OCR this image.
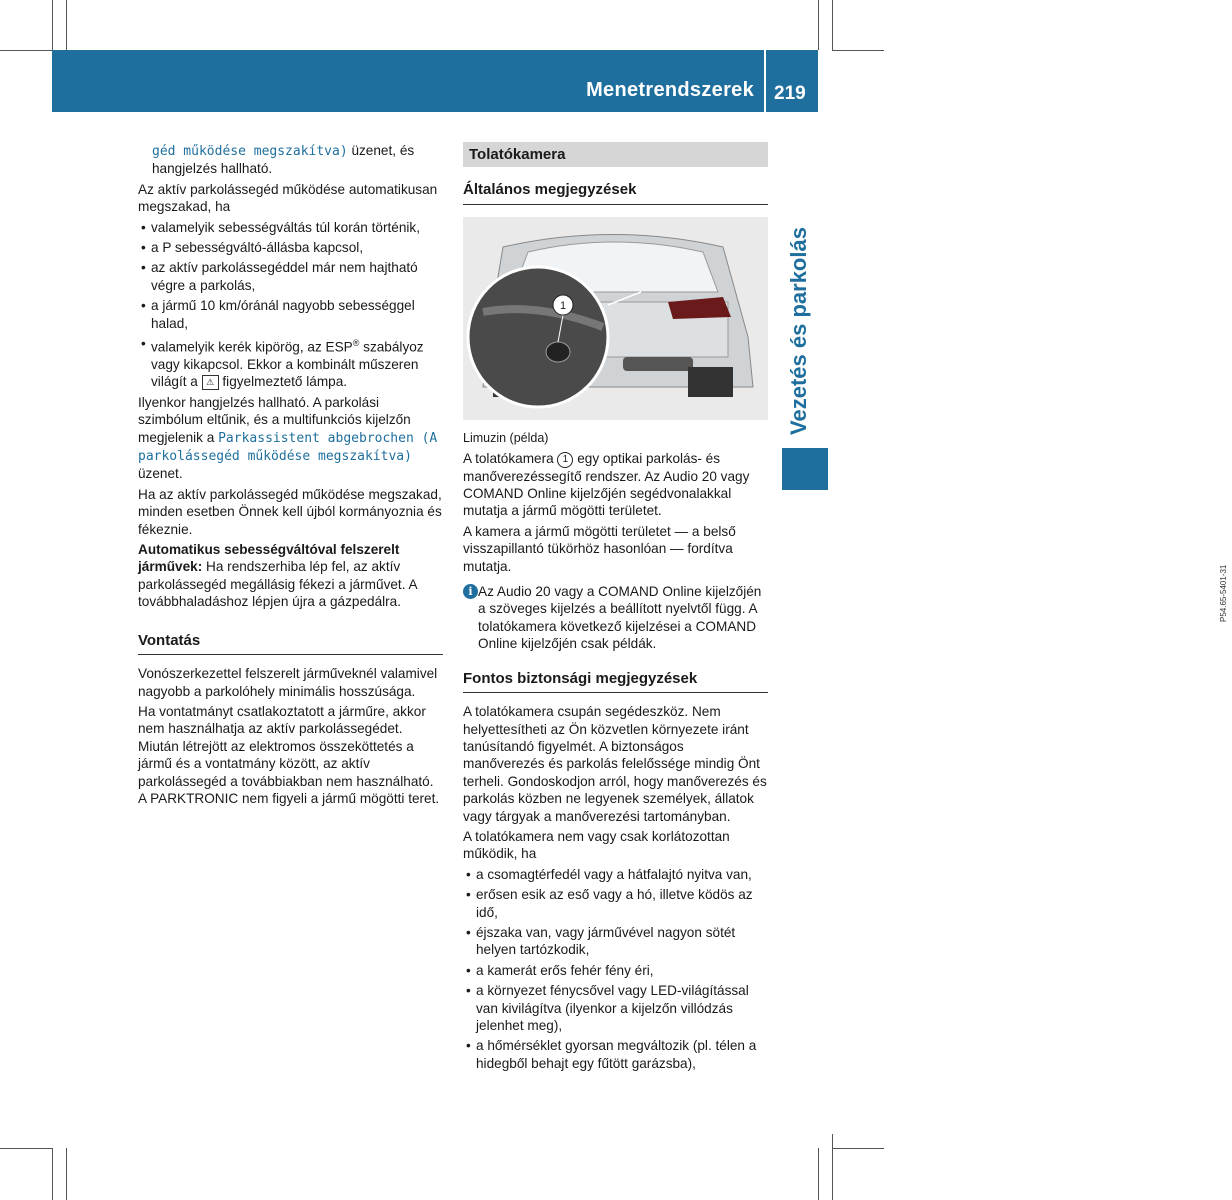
Menetrendszerek 219
Vezetés és parkolás

géd működése megszakítva) üzenet, és hangjelzés hallható.

Az aktív parkolássegéd működése automatikusan megszakad, ha

• valamelyik sebességváltás túl korán történik,
• a P sebességváltó-állásba kapcsol,
• az aktív parkolássegéddel már nem hajtható végre a parkolás,
• a jármű 10 km/óránál nagyobb sebességgel halad,
• valamelyik kerék kipörög, az ESP® szabályoz vagy kikapcsol. Ekkor a kombinált műszeren világít a ⚠ figyelmeztető lámpa.

Ilyenkor hangjelzés hallható. A parkolási szimbólum eltűnik, és a multifunkciós kijelzőn megjelenik a Parkassistent abgebrochen (A parkolássegéd működése megszakítva) üzenet.

Ha az aktív parkolássegéd működése megszakad, minden esetben Önnek kell újból kormányoznia és fékeznie.

Automatikus sebességváltóval felszerelt járművek: Ha rendszerhiba lép fel, az aktív parkolássegéd megállásig fékezi a járművet. A továbbhaladáshoz lépjen újra a gázpedálra.

Vontatás

Vonószerkezettel felszerelt járműveknél valamivel nagyobb a parkolóhely minimális hosszúsága.

Ha vontatmányt csatlakoztatott a járműre, akkor nem használhatja az aktív parkolássegédet. Miután létrejött az elektromos összeköttetés a jármű és a vontatmány között, az aktív parkolássegéd a továbbiakban nem használható. A PARKTRONIC nem figyeli a jármű mögötti teret.

Tolatókamera
Általános megjegyzések
1
P54.65-5401-31

Limuzin (példa)

A tolatókamera 1 egy optikai parkolás- és manőverezéssegítő rendszer. Az Audio 20 vagy COMAND Online kijelzőjén segédvonalakkal mutatja a jármű mögötti területet.

A kamera a jármű mögötti területet — a belső visszapillantó tükörhöz hasonlóan — fordítva mutatja.

i Az Audio 20 vagy a COMAND Online kijelzőjén a szöveges kijelzés a beállított nyelvtől függ. A tolatókamera következő kijelzései a COMAND Online kijelzőjén csak példák.

Fontos biztonsági megjegyzések

A tolatókamera csupán segédeszköz. Nem helyettesítheti az Ön közvetlen környezete iránt tanúsítandó figyelmét. A biztonságos manőverezés és parkolás felelőssége mindig Önt terheli. Gondoskodjon arról, hogy manőverezés és parkolás közben ne legyenek személyek, állatok vagy tárgyak a manőverezési tartományban.

A tolatókamera nem vagy csak korlátozottan működik, ha

• a csomagtérfedél vagy a hátfalajtó nyitva van,
• erősen esik az eső vagy a hó, illetve ködös az idő,
• éjszaka van, vagy járművével nagyon sötét helyen tartózkodik,
• a kamerát erős fehér fény éri,
• a környezet fénycsővel vagy LED-világítással van kivilágítva (ilyenkor a kijelzőn villódzás jelenhet meg),
• a hőmérséklet gyorsan megváltozik (pl. télen a hidegből behajt egy fűtött garázsba),
